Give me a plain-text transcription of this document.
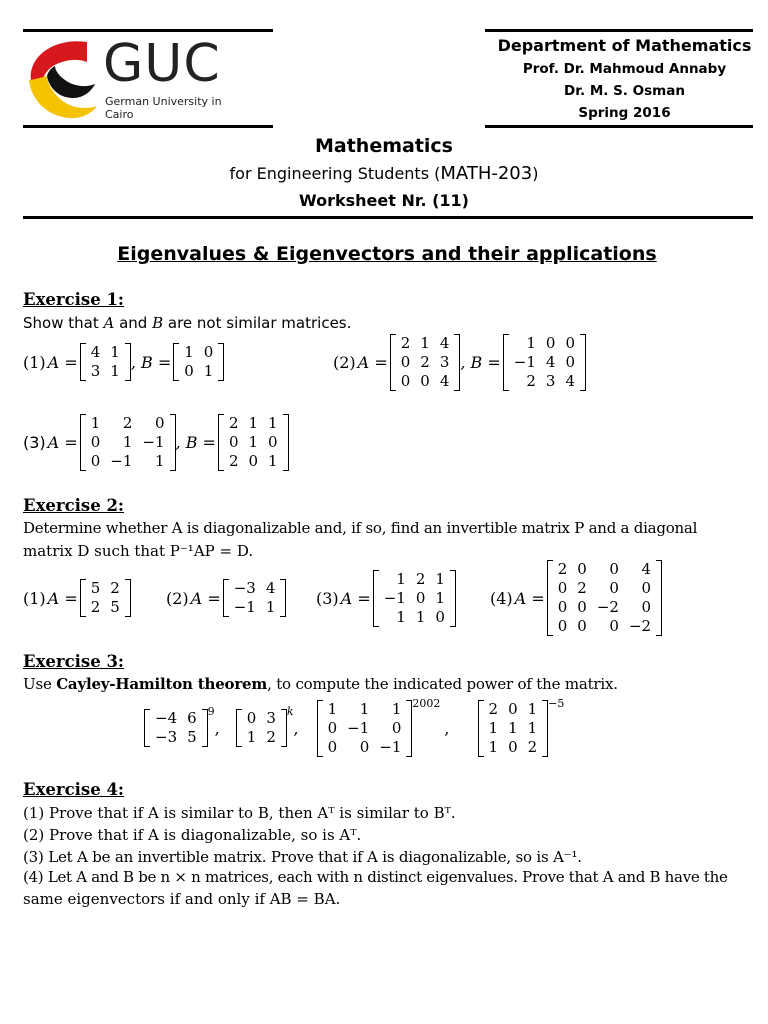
GUC
German University in Cairo
Department of Mathematics
Prof. Dr. Mahmoud Annaby
Dr. M. S. Osman
Spring 2016
Mathematics
for Engineering Students (MATH-203)
Worksheet Nr. (11)
Eigenvalues & Eigenvectors and their applications
Exercise 1:
Show that A and B are not similar matrices.
(1) A =
4	1
3	1 , B =
1	0
0	1	(2) A =
2	1	4
0	2	3
0	0	4
, B =
1	0	0
−1	4	0
2	3	4
(3) A =
1	2	0
0	1	−1
0	−1	1
, B =
2	1	1
0	1	0
2	0	1
Exercise 2:
Determine whether A is diagonalizable and, if so, find an invertible matrix P and a diagonal
matrix D such that P⁻¹AP = D.
(1) A =
5	2
2	5	(2) A =
−3	4
−1	1	(3) A =
1	2	1
−1	0	1
1	1	0
(4) A =
2	0	0	4
0	2	0	0
0	0	−2	0
0	0	0	−2
Exercise 3:
Use Cayley-Hamilton theorem, to compute the indicated power of the matrix.
−4	6
−3	5
$^9$
,
0	3
1	2
$^k$
,
1	1	1
0	−1	0
0	0	−1
$^{2002}$
,
2	0	1
1	1	1
1	0	2
$^{-5}$
Exercise 4:
(1) Prove that if A is similar to B, then Aᵀ is similar to Bᵀ.
(2) Prove that if A is diagonalizable, so is Aᵀ.
(3) Let A be an invertible matrix. Prove that if A is diagonalizable, so is A⁻¹.
(4) Let A and B be n × n matrices, each with n distinct eigenvalues. Prove that A and B have the
same eigenvectors if and only if AB = BA.
